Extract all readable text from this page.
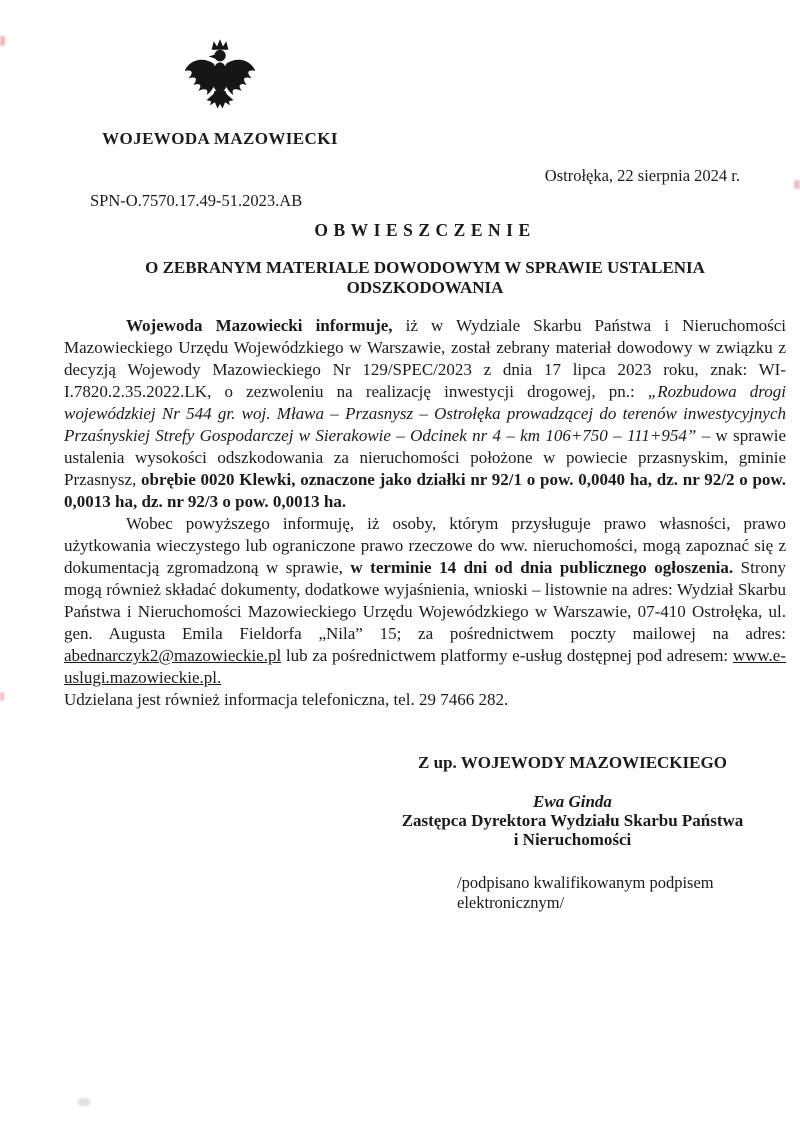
WOJEWODA MAZOWIECKI
Ostrołęka, 22 sierpnia 2024 r.
SPN-O.7570.17.49-51.2023.AB
OBWIESZCZENIE
O ZEBRANYM MATERIALE DOWODOWYM W SPRAWIE USTALENIA
ODSZKODOWANIA

Wojewoda Mazowiecki informuje, iż w Wydziale Skarbu Państwa i Nieruchomości Mazowieckiego Urzędu Wojewódzkiego w Warszawie, został zebrany materiał dowodowy w związku z decyzją Wojewody Mazowieckiego Nr 129/SPEC/2023 z dnia 17 lipca 2023 roku, znak: WI-I.7820.2.35.2022.LK, o zezwoleniu na realizację inwestycji drogowej, pn.: „Rozbudowa drogi wojewódzkiej Nr 544 gr. woj. Mława – Przasnysz – Ostrołęka prowadzącej do terenów inwestycyjnych Przaśnyskiej Strefy Gospodarczej w Sierakowie – Odcinek nr 4 – km 106+750 – 111+954” – w sprawie ustalenia wysokości odszkodowania za nieruchomości położone w powiecie przasnyskim, gminie Przasnysz, obrębie 0020 Klewki, oznaczone jako działki nr 92/1 o pow. 0,0040 ha, dz. nr 92/2 o pow. 0,0013 ha, dz. nr 92/3 o pow. 0,0013 ha.

Wobec powyższego informuję, iż osoby, którym przysługuje prawo własności, prawo użytkowania wieczystego lub ograniczone prawo rzeczowe do ww. nieruchomości, mogą zapoznać się z dokumentacją zgromadzoną w sprawie, w terminie 14 dni od dnia publicznego ogłoszenia. Strony mogą również składać dokumenty, dodatkowe wyjaśnienia, wnioski – listownie na adres: Wydział Skarbu Państwa i Nieruchomości Mazowieckiego Urzędu Wojewódzkiego w Warszawie, 07-410 Ostrołęka, ul. gen. Augusta Emila Fieldorfa „Nila” 15; za pośrednictwem poczty mailowej na adres: abednarczyk2@mazowieckie.pl lub za pośrednictwem platformy e-usług dostępnej pod adresem: www.e-uslugi.mazowieckie.pl.

Udzielana jest również informacja telefoniczna, tel. 29 7466 282.

Z up. WOJEWODY MAZOWIECKIEGO
Ewa Ginda
Zastępca Dyrektora Wydziału Skarbu Państwa
i Nieruchomości
/podpisano kwalifikowanym podpisem
elektronicznym/
